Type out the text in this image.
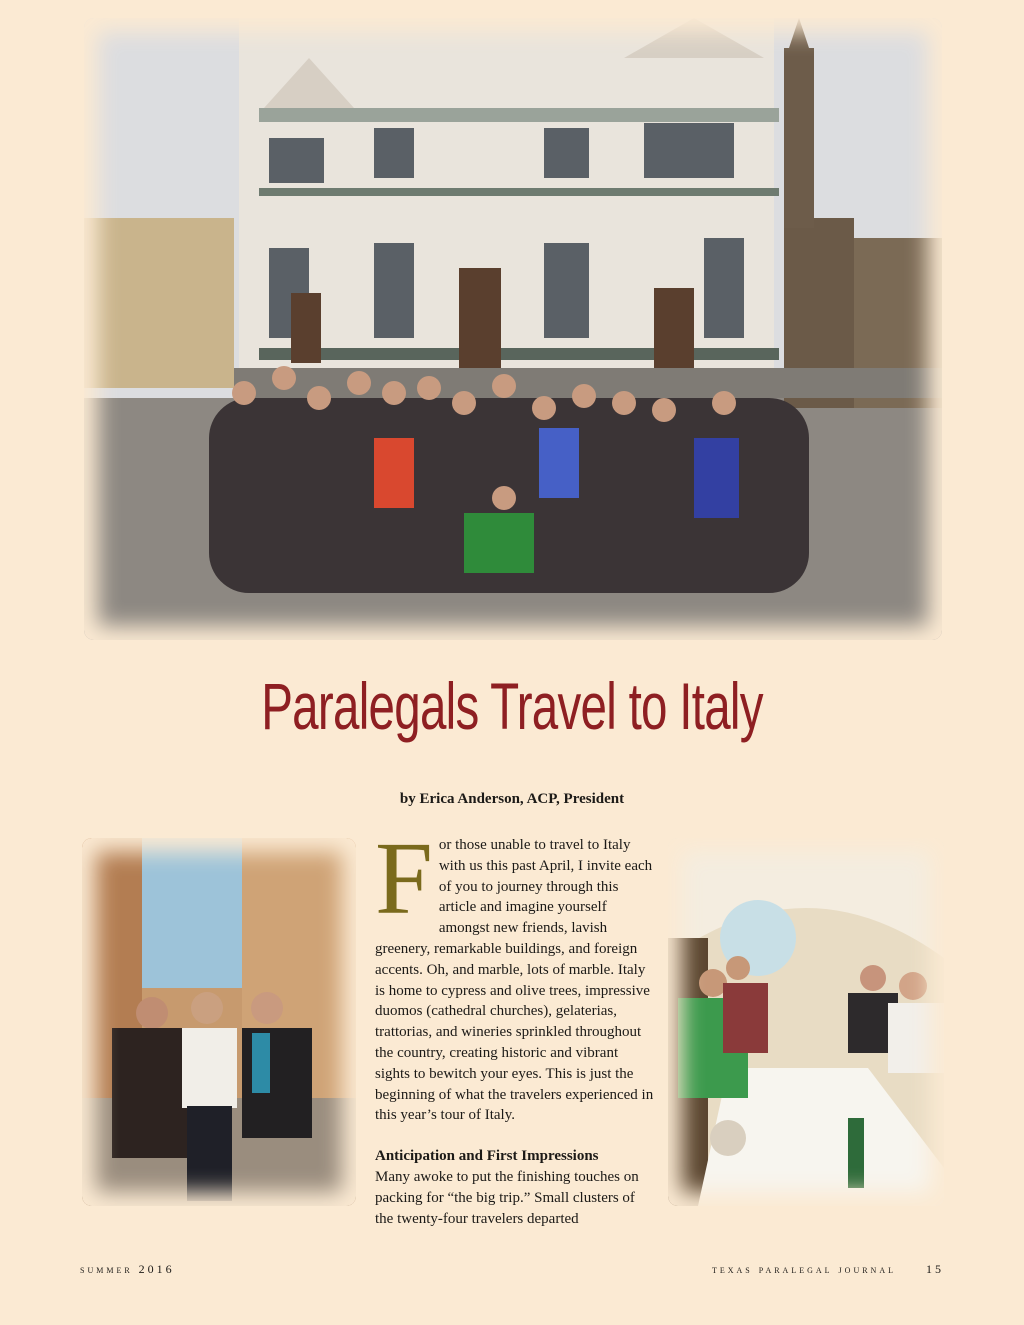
Paralegals Travel to Italy
by Erica Anderson, ACP, President
F or those unable to travel to Italy with us this past April, I invite each of you to journey through this article and imagine yourself amongst new friends, lavish greenery, remarkable buildings, and foreign accents. Oh, and marble, lots of marble. Italy is home to cypress and olive trees, impressive duomos (cathedral churches), gelaterias, trattorias, and wineries sprinkled throughout the country, creating historic and vibrant sights to bewitch your eyes. This is just the beginning of what the travelers experienced in this year’s tour of Italy.

Anticipation and First Impressions

Many awoke to put the finishing touches on packing for “the big trip.” Small clusters of the twenty-four travelers departed

summer 2016	texas paralegal journal	15
